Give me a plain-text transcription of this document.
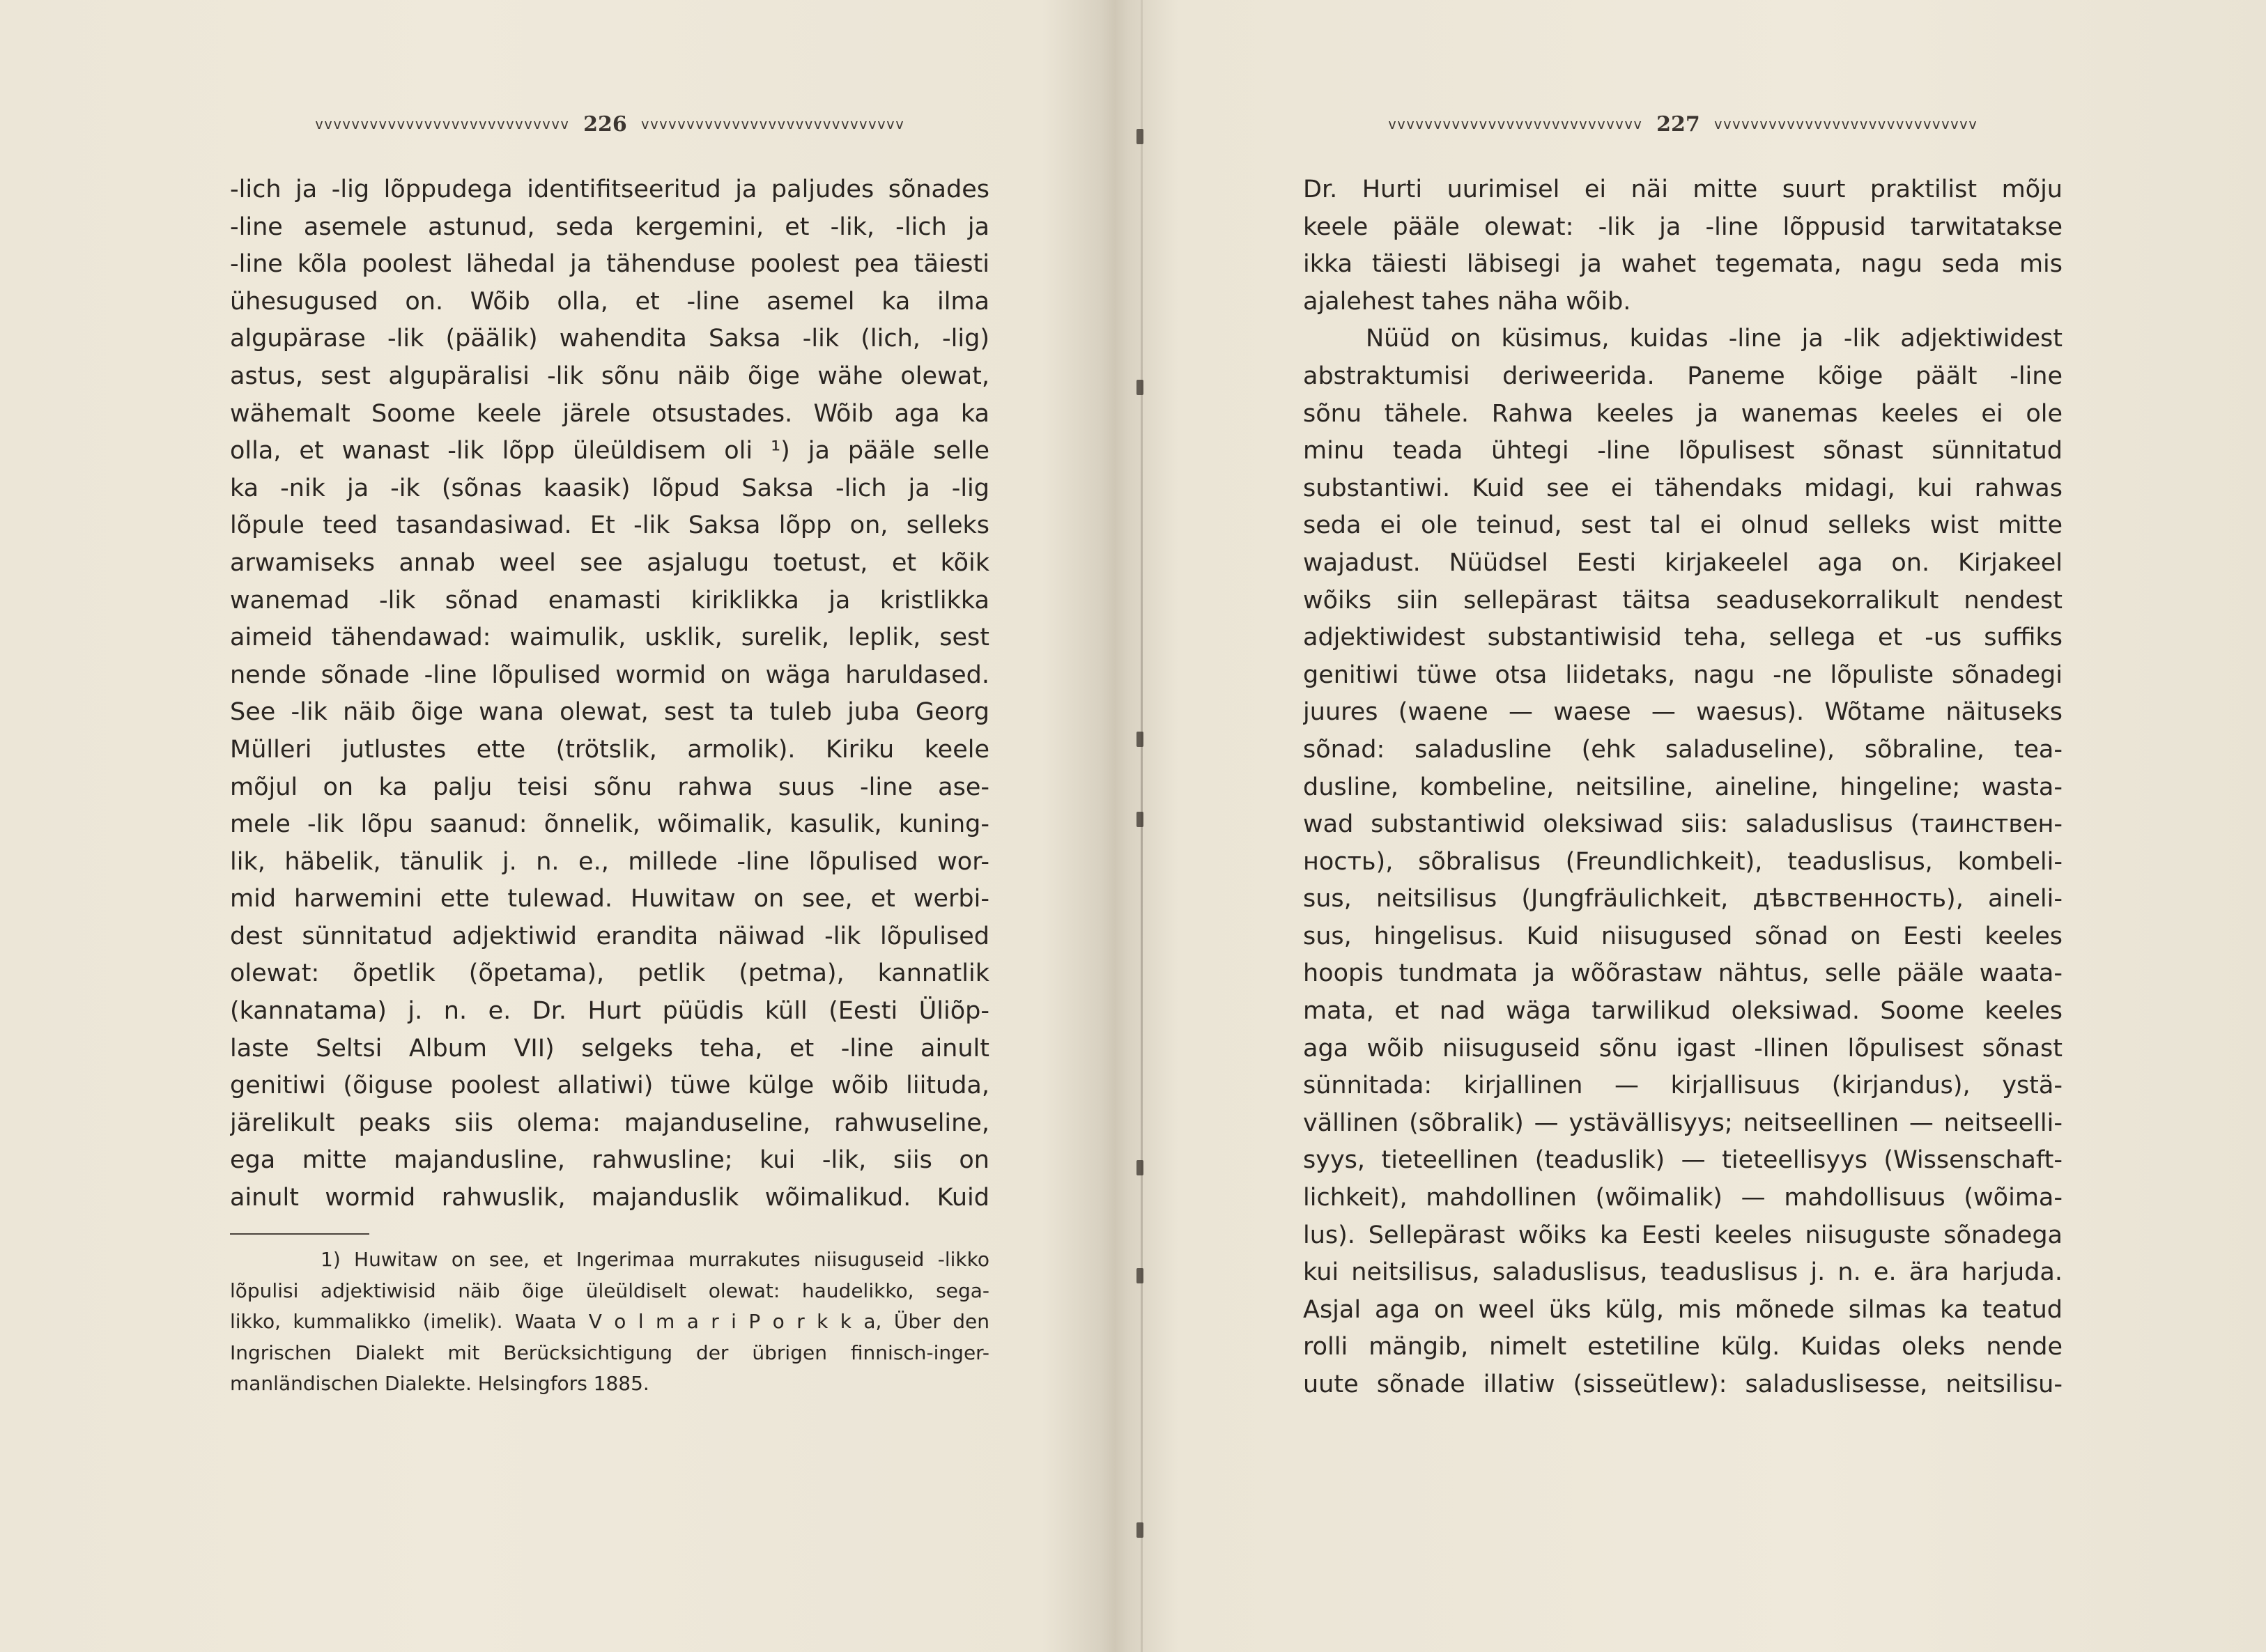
vvvvvvvvvvvvvvvvvvvvvvvvvvvv 226	vvvvvvvvvvvvvvvvvvvvvvvvvvvvv
-lich ja -lig lõppudega identifitseeritud ja paljudes sõnades
-line asemele astunud, seda kergemini, et -lik, -lich ja
-line kõla poolest lähedal ja tähenduse poolest pea täiesti
ühesugused on. Wõib olla, et -line asemel ka ilma
algupärase -lik (päälik) wahendita Saksa -lik (lich, -lig)
astus, sest algupäralisi -lik sõnu näib õige wähe olewat,
wähemalt Soome keele järele otsustades. Wõib aga ka
olla, et wanast -lik lõpp üleüldisem oli ¹) ja pääle selle
ka -nik ja -ik (sõnas kaasik) lõpud Saksa -lich ja -lig
lõpule teed tasandasiwad. Et -lik Saksa lõpp on, selleks
arwamiseks annab weel see asjalugu toetust, et kõik
wanemad -lik sõnad enamasti kiriklikka ja kristlikka
aimeid tähendawad: waimulik, usklik, surelik, leplik, sest
nende sõnade -line lõpulised wormid on wäga haruldased.
See -lik näib õige wana olewat, sest ta tuleb juba Georg
Mülleri jutlustes ette (trötslik, armolik). Kiriku keele
mõjul on ka palju teisi sõnu rahwa suus -line ase-
mele -lik lõpu saanud: õnnelik, wõimalik, kasulik, kuning-
lik, häbelik, tänulik j. n. e., millede -line lõpulised wor-
mid harwemini ette tulewad. Huwitaw on see, et werbi-
dest sünnitatud adjektiwid erandita näiwad -lik lõpulised
olewat: õpetlik (õpetama), petlik (petma), kannatlik
(kannatama) j. n. e. Dr. Hurt püüdis küll (Eesti Üliõp-
laste Seltsi Album VII) selgeks teha, et -line ainult
genitiwi (õiguse poolest allatiwi) tüwe külge wõib liituda,
järelikult peaks siis olema: majanduseline, rahwuseline,
ega mitte majandusline, rahwusline; kui -lik, siis on
ainult wormid rahwuslik, majanduslik wõimalikud. Kuid
1) Huwitaw on see, et Ingerimaa murrakutes niisuguseid -likko
lõpulisi adjektiwisid näib õige üleüldiselt olewat: haudelikko, sega-
likko, kummalikko (imelik). Waata V o l m a r i P o r k k a, Über den
Ingrischen Dialekt mit Berücksichtigung der übrigen finnisch-inger-
manländischen Dialekte. Helsingfors 1885.
vvvvvvvvvvvvvvvvvvvvvvvvvvvv 227	vvvvvvvvvvvvvvvvvvvvvvvvvvvvv
Dr. Hurti uurimisel ei näi mitte suurt praktilist mõju
keele pääle olewat: -lik ja -line lõppusid tarwitatakse
ikka täiesti läbisegi ja wahet tegemata, nagu seda mis
ajalehest tahes näha wõib.
Nüüd on küsimus, kuidas -line ja -lik adjektiwidest
abstraktumisi deriweerida. Paneme kõige päält -line
sõnu tähele. Rahwa keeles ja wanemas keeles ei ole
minu teada ühtegi -line lõpulisest sõnast sünnitatud
substantiwi. Kuid see ei tähendaks midagi, kui rahwas
seda ei ole teinud, sest tal ei olnud selleks wist mitte
wajadust. Nüüdsel Eesti kirjakeelel aga on. Kirjakeel
wõiks siin sellepärast täitsa seadusekorralikult nendest
adjektiwidest substantiwisid teha, sellega et -us suffiks
genitiwi tüwe otsa liidetaks, nagu -ne lõpuliste sõnadegi
juures (waene — waese — waesus). Wõtame näituseks
sõnad: saladusline (ehk saladuseline), sõbraline, tea-
dusline, kombeline, neitsiline, aineline, hingeline; wasta-
wad substantiwid oleksiwad siis: saladuslisus (таинствен-
ность), sõbralisus (Freundlichkeit), teaduslisus, kombeli-
sus, neitsilisus (Jungfräulichkeit, дѣвственность), aineli-
sus, hingelisus. Kuid niisugused sõnad on Eesti keeles
hoopis tundmata ja wõõrastaw nähtus, selle pääle waata-
mata, et nad wäga tarwilikud oleksiwad. Soome keeles
aga wõib niisuguseid sõnu igast -llinen lõpulisest sõnast
sünnitada: kirjallinen — kirjallisuus (kirjandus), ystä-
vällinen (sõbralik) — ystävällisyys; neitseellinen — neitseelli-
syys, tieteellinen (teaduslik) — tieteellisyys (Wissenschaft-
lichkeit), mahdollinen (wõimalik) — mahdollisuus (wõima-
lus). Sellepärast wõiks ka Eesti keeles niisuguste sõnadega
kui neitsilisus, saladuslisus, teaduslisus j. n. e. ära harjuda.
Asjal aga on weel üks külg, mis mõnede silmas ka teatud
rolli mängib, nimelt estetiline külg. Kuidas oleks nende
uute sõnade illatiw (sisseütlew): saladuslisesse, neitsilisu-
